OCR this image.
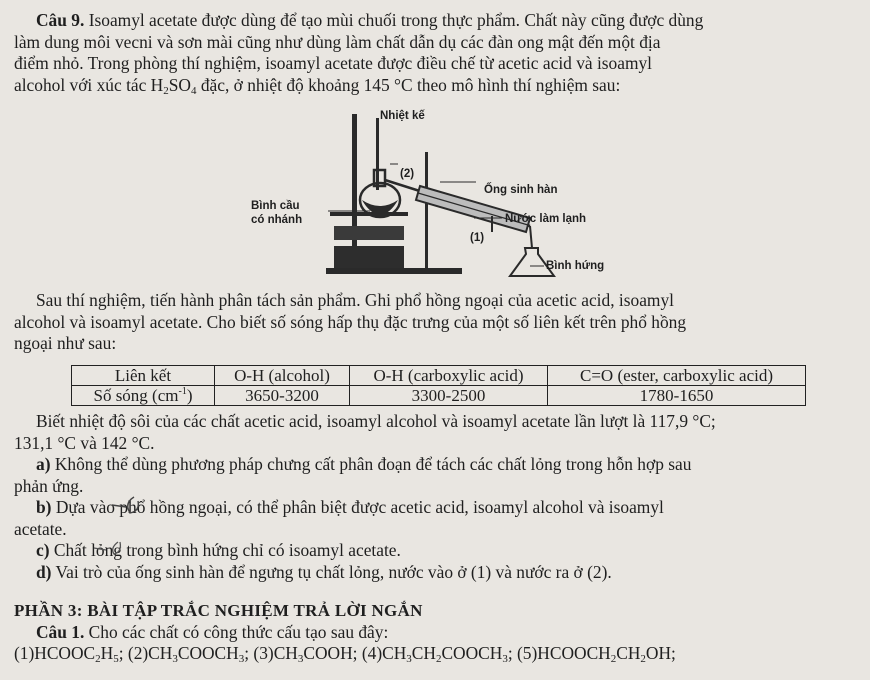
Câu 9. Isoamyl acetate được dùng để tạo mùi chuối trong thực phẩm. Chất này cũng được dùng
làm dung môi vecni và sơn mài cũng như dùng làm chất dẫn dụ các đàn ong mật đến một địa
điểm nhỏ. Trong phòng thí nghiệm, isoamyl acetate được điều chế từ acetic acid và isoamyl
alcohol với xúc tác $H_2SO_4$ đặc, ở nhiệt độ khoảng 145 °C theo mô hình thí nghiệm sau:
Nhiệt kế
(2)
Ống sinh hàn
Bình cầu
có nhánh	Nước làm lạnh
(1)
Bình hứng
Sau thí nghiệm, tiến hành phân tách sản phẩm. Ghi phổ hồng ngoại của acetic acid, isoamyl
alcohol và isoamyl acetate. Cho biết số sóng hấp thụ đặc trưng của một số liên kết trên phổ hồng
ngoại như sau:
Liên kết	O-H (alcohol)	O-H (carboxylic acid)	C=O (ester, carboxylic acid)
Số sóng $(cm^{-1})$	3650-3200	3300-2500	1780-1650
Biết nhiệt độ sôi của các chất acetic acid, isoamyl alcohol và isoamyl acetate lần lượt là 117,9 °C;
131,1 °C và 142 °C.
a) Không thể dùng phương pháp chưng cất phân đoạn để tách các chất lỏng trong hỗn hợp sau
phản ứng.
b) Dựa vào phổ hồng ngoại, có thể phân biệt được acetic acid, isoamyl alcohol và isoamyl
acetate.
c) Chất lỏng trong bình hứng chỉ có isoamyl acetate.
d) Vai trò của ống sinh hàn để ngưng tụ chất lỏng, nước vào ở (1) và nước ra ở (2).
PHẦN 3: BÀI TẬP TRẮC NGHIỆM TRẢ LỜI NGẮN
Câu 1. Cho các chất có công thức cấu tạo sau đây:
$(1)HCOOC_2H_5$; $(2)CH_3COOCH_3$; $(3)CH_3COOH$; $(4)CH_3CH_2COOCH_3$; $(5)HCOOCH_2CH_2OH$;
